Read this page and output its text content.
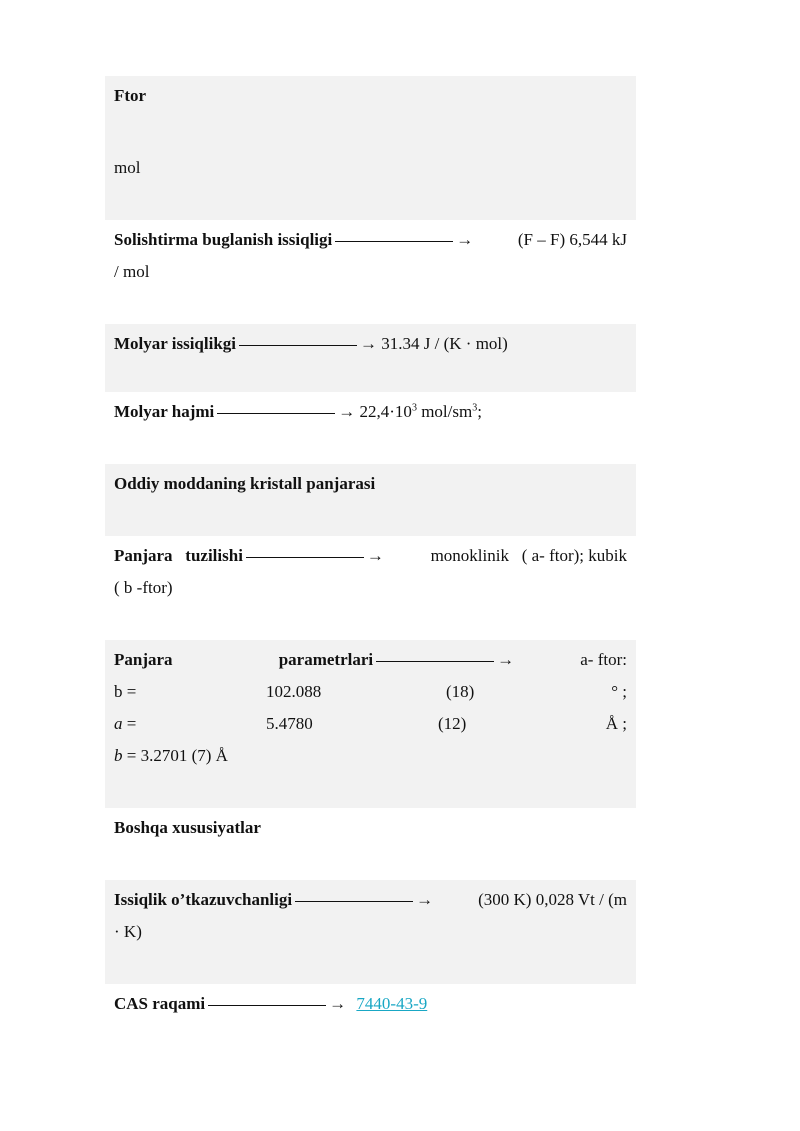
Ftor
mol
Solishtirma buglanish issiqligi	→	(F – F) 6,544 kJ
/ mol
Molyar issiqlikgi	→ 31.34 J / (K · mol)
Molyar hajmi	→ $22,4\cdot 10^3$ mol/$sm^3$;
Oddiy moddaning kristall panjarasi
Panjara   tuzilishi	→	monoklinik   ( a- ftor); kubik
( b -ftor)
Panjara	parametrlari	→	a- ftor:
b =	102.088	(18)	° ;
a =	5.4780	(12)	Å ;
b = 3.2701 (7) Å
Boshqa xususiyatlar
Issiqlik o’tkazuvchanligi	→	(300 K) 0,028 Vt / (m
· K)
CAS raqami	→ 7440-43-9
